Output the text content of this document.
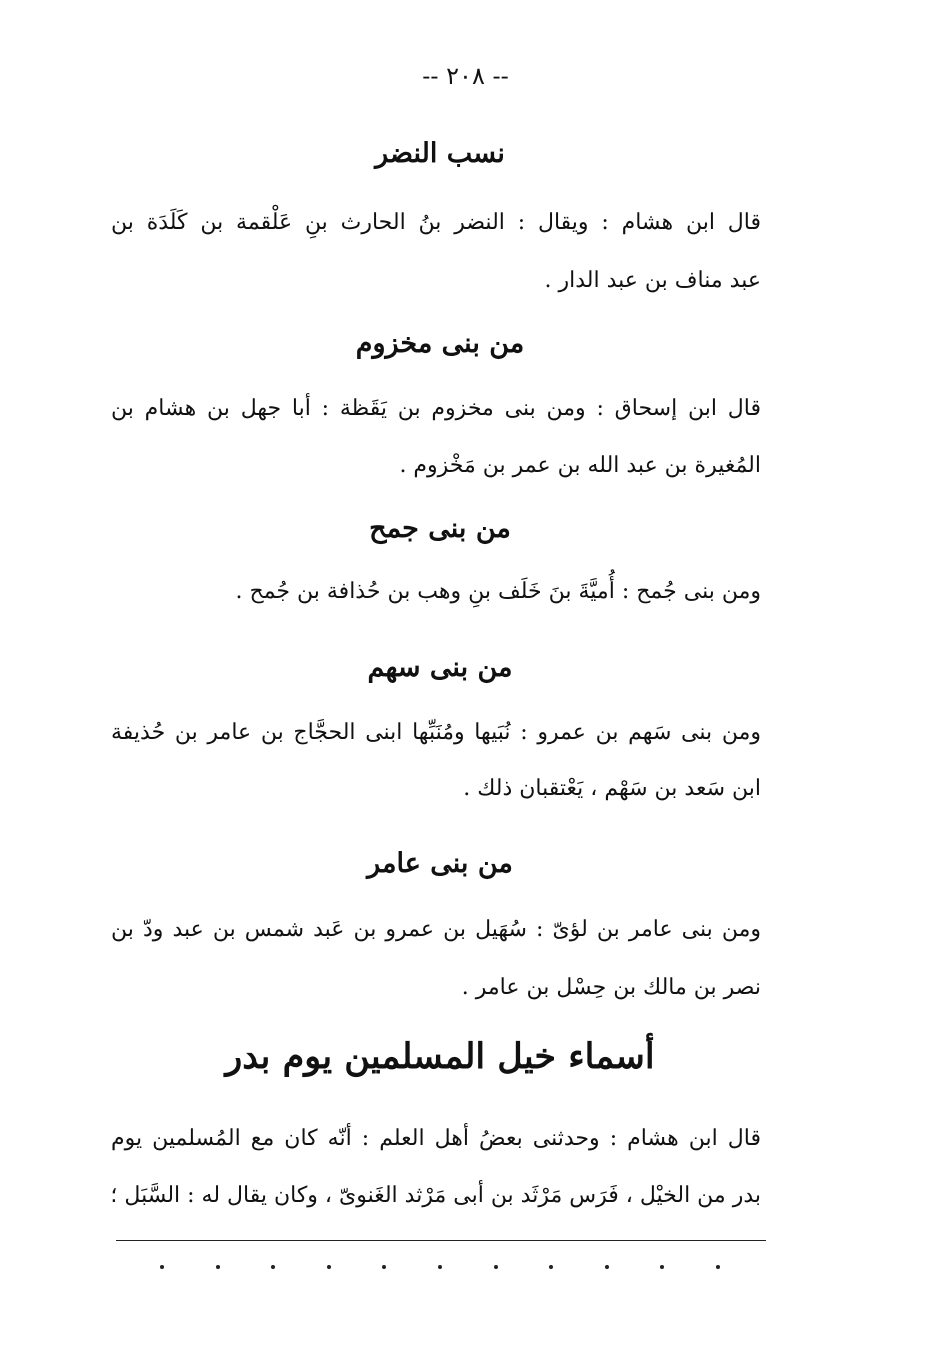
-- ٢٠٨ --
نسب النضر
قال ابن هشام : ويقال : النضر بنُ الحارث بنِ عَلْقمة بن كَلَدَة بن
عبد مناف بن عبد الدار .
من بنى مخزوم
قال ابن إسحاق : ومن بنى مخزوم بن يَقَظة : أبا جهل بن هشام بن
المُغيرة بن عبد الله بن عمر بن مَخْزوم .
من بنى جمح
ومن بنى جُمح : أُميَّةَ بنَ خَلَف بنِ وهب بن حُذافة بن جُمح .
من بنى سهم
ومن بنى سَهم بن عمرو : نُبَيها ومُنَبِّها ابنى الحجَّاج بن عامر بن حُذيفة
ابن سَعد بن سَهْم ، يَعْتقبان ذلك .
من بنى عامر
ومن بنى عامر بن لؤىّ : سُهَيل بن عمرو بن عَبد شمس بن عبد ودّ بن
نصر بن مالك بن حِسْل بن عامر .
أسماء خيل المسلمين يوم بدر
قال ابن هشام : وحدثنى بعضُ أهل العلم : أنّه كان مع المُسلمين يوم
بدر من الخيْل ، فَرَس مَرْثَد بن أبى مَرْثد الغَنوىّ ، وكان يقال له : السَّبَل ؛
